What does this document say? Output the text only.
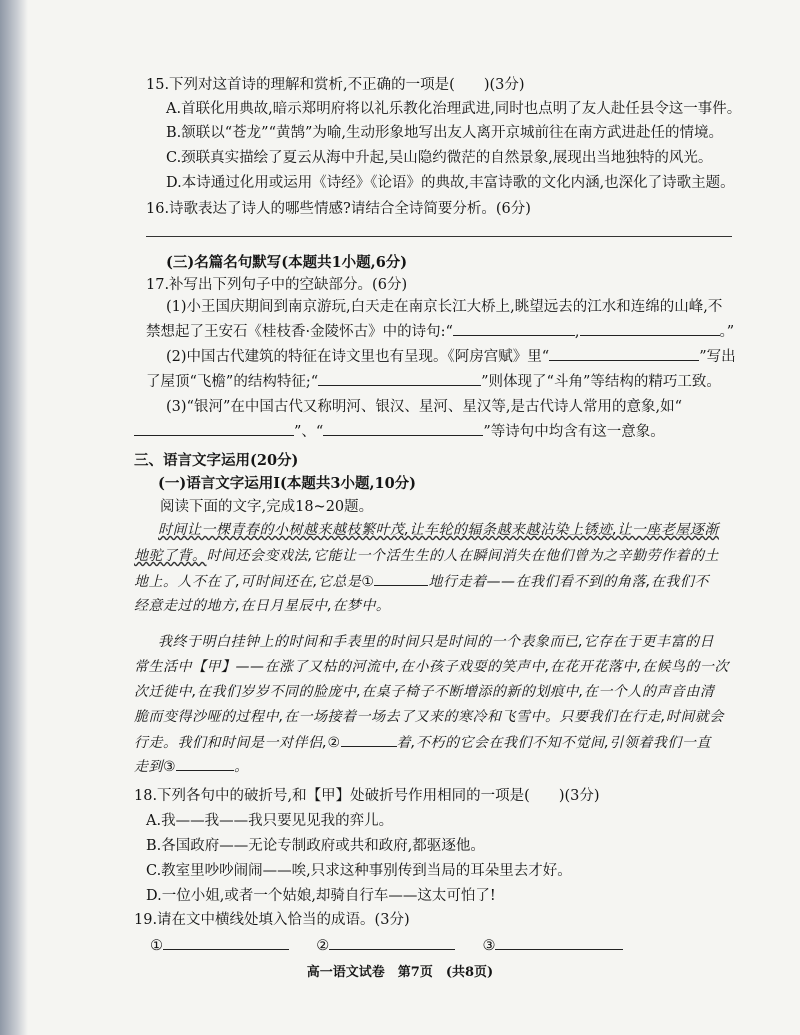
15.下列对这首诗的理解和赏析,不正确的一项是(　　)(3分)
A.首联化用典故,暗示郑明府将以礼乐教化治理武进,同时也点明了友人赴任县令这一事件。
B.颔联以“苍龙”“黄鹄”为喻,生动形象地写出友人离开京城前往在南方武进赴任的情境。
C.颈联真实描绘了夏云从海中升起,吴山隐约微茫的自然景象,展现出当地独特的风光。
D.本诗通过化用或运用《诗经》《论语》的典故,丰富诗歌的文化内涵,也深化了诗歌主题。
16.诗歌表达了诗人的哪些情感?请结合全诗简要分析。(6分)
(三)名篇名句默写(本题共1小题,6分)
17.补写出下列句子中的空缺部分。(6分)
(1)小王国庆期间到南京游玩,白天走在南京长江大桥上,眺望远去的江水和连绵的山峰,不
禁想起了王安石《桂枝香·金陵怀古》中的诗句:“	,	。”
(2)中国古代建筑的特征在诗文里也有呈现。《阿房宫赋》里“	”写出
了屋顶“飞檐”的结构特征;“	”则体现了“斗角”等结构的精巧工致。
(3)“银河”在中国古代又称明河、银汉、星河、星汉等,是古代诗人常用的意象,如“
”、“	”等诗句中均含有这一意象。
三、语言文字运用(20分)
(一)语言文字运用Ⅰ(本题共3小题,10分)
阅读下面的文字,完成18~20题。
时间让一棵青春的小树越来越枝繁叶茂,让车轮的辐条越来越沾染上锈迹,让一座老屋逐渐
地驼了背。时间还会变戏法,它能让一个活生生的人在瞬间消失在他们曾为之辛勤劳作着的土
地上。人不在了,可时间还在,它总是①	地行走着——在我们看不到的角落,在我们不
经意走过的地方,在日月星辰中,在梦中。
我终于明白挂钟上的时间和手表里的时间只是时间的一个表象而已,它存在于更丰富的日
常生活中【甲】——在涨了又枯的河流中,在小孩子戏耍的笑声中,在花开花落中,在候鸟的一次
次迁徙中,在我们岁岁不同的脸庞中,在桌子椅子不断增添的新的划痕中,在一个人的声音由清
脆而变得沙哑的过程中,在一场接着一场去了又来的寒冷和飞雪中。只要我们在行走,时间就会
行走。我们和时间是一对伴侣,②	着,不朽的它会在我们不知不觉间,引领着我们一直
走到③	。
18.下列各句中的破折号,和【甲】处破折号作用相同的一项是(　　)(3分)
A.我——我——我只要见见我的弈儿。
B.各国政府——无论专制政府或共和政府,都驱逐他。
C.教室里吵吵闹闹——唉,只求这种事别传到当局的耳朵里去才好。
D.一位小姐,或者一个姑娘,却骑自行车——这太可怕了!
19.请在文中横线处填入恰当的成语。(3分)
①	②	③
高一语文试卷　第7页　(共8页)
